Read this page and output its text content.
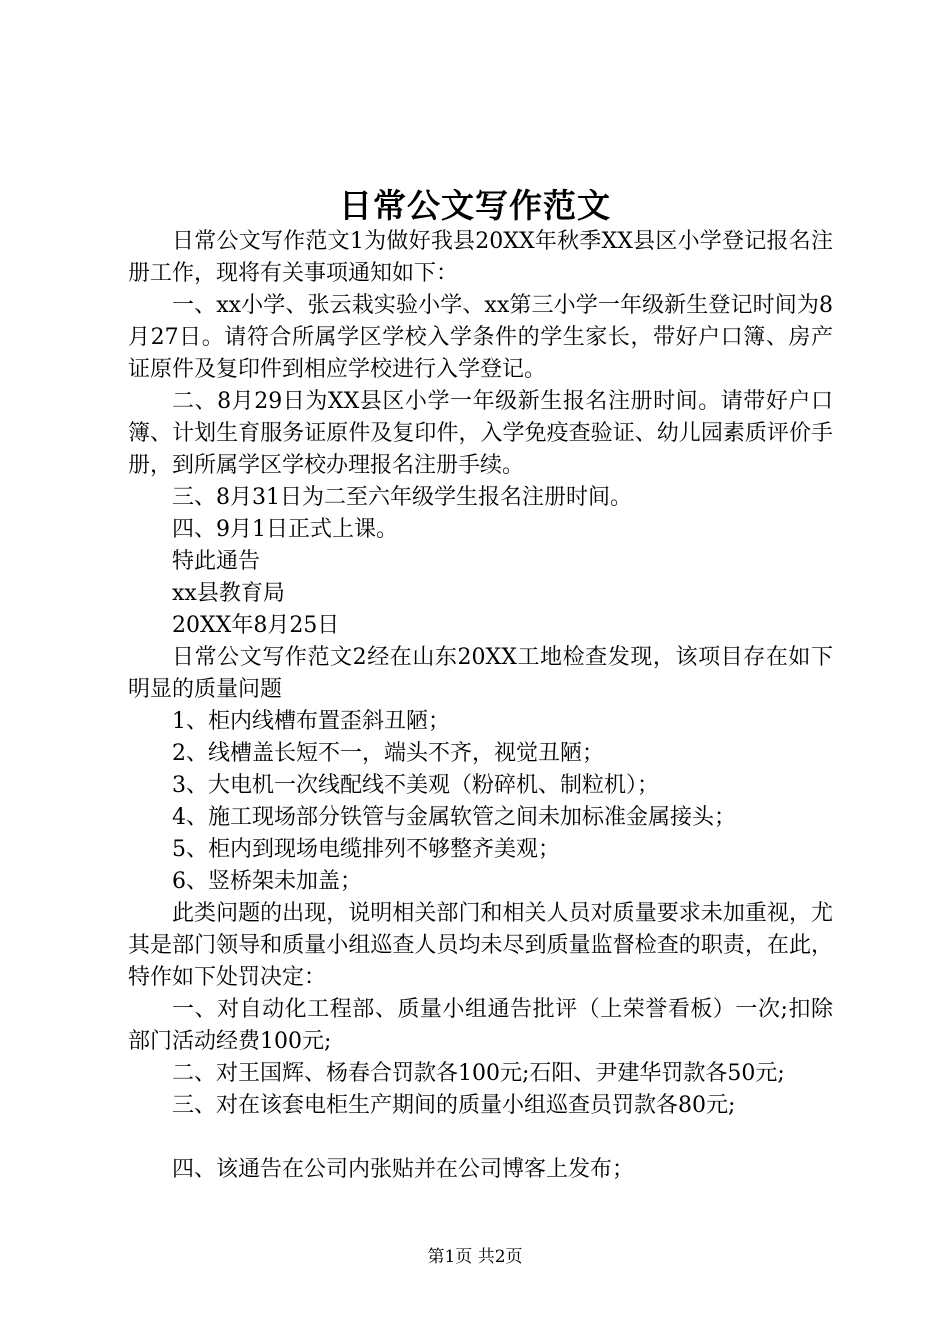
日常公文写作范文

日常公文写作范文1为做好我县20XX年秋季XX县区小学登记报名注册工作，现将有关事项通知如下：

一、xx小学、张云栽实验小学、xx第三小学一年级新生登记时间为8月27日。请符合所属学区学校入学条件的学生家长，带好户口簿、房产证原件及复印件到相应学校进行入学登记。

二、8月29日为XX县区小学一年级新生报名注册时间。请带好户口簿、计划生育服务证原件及复印件，入学免疫查验证、幼儿园素质评价手册，到所属学区学校办理报名注册手续。

三、8月31日为二至六年级学生报名注册时间。

四、9月1日正式上课。

特此通告

xx县教育局

20XX年8月25日

日常公文写作范文2经在山东20XX工地检查发现，该项目存在如下明显的质量问题

1、柜内线槽布置歪斜丑陋；

2、线槽盖长短不一，端头不齐，视觉丑陋；

3、大电机一次线配线不美观（粉碎机、制粒机）；

4、施工现场部分铁管与金属软管之间未加标准金属接头；

5、柜内到现场电缆排列不够整齐美观；

6、竖桥架未加盖；

此类问题的出现，说明相关部门和相关人员对质量要求未加重视，尤其是部门领导和质量小组巡查人员均未尽到质量监督检查的职责，在此，特作如下处罚决定：

一、对自动化工程部、质量小组通告批评（上荣誉看板）一次;扣除部门活动经费100元;

二、对王国辉、杨春合罚款各100元;石阳、尹建华罚款各50元;

三、对在该套电柜生产期间的质量小组巡查员罚款各80元;

四、该通告在公司内张贴并在公司博客上发布；

第1页 共2页
